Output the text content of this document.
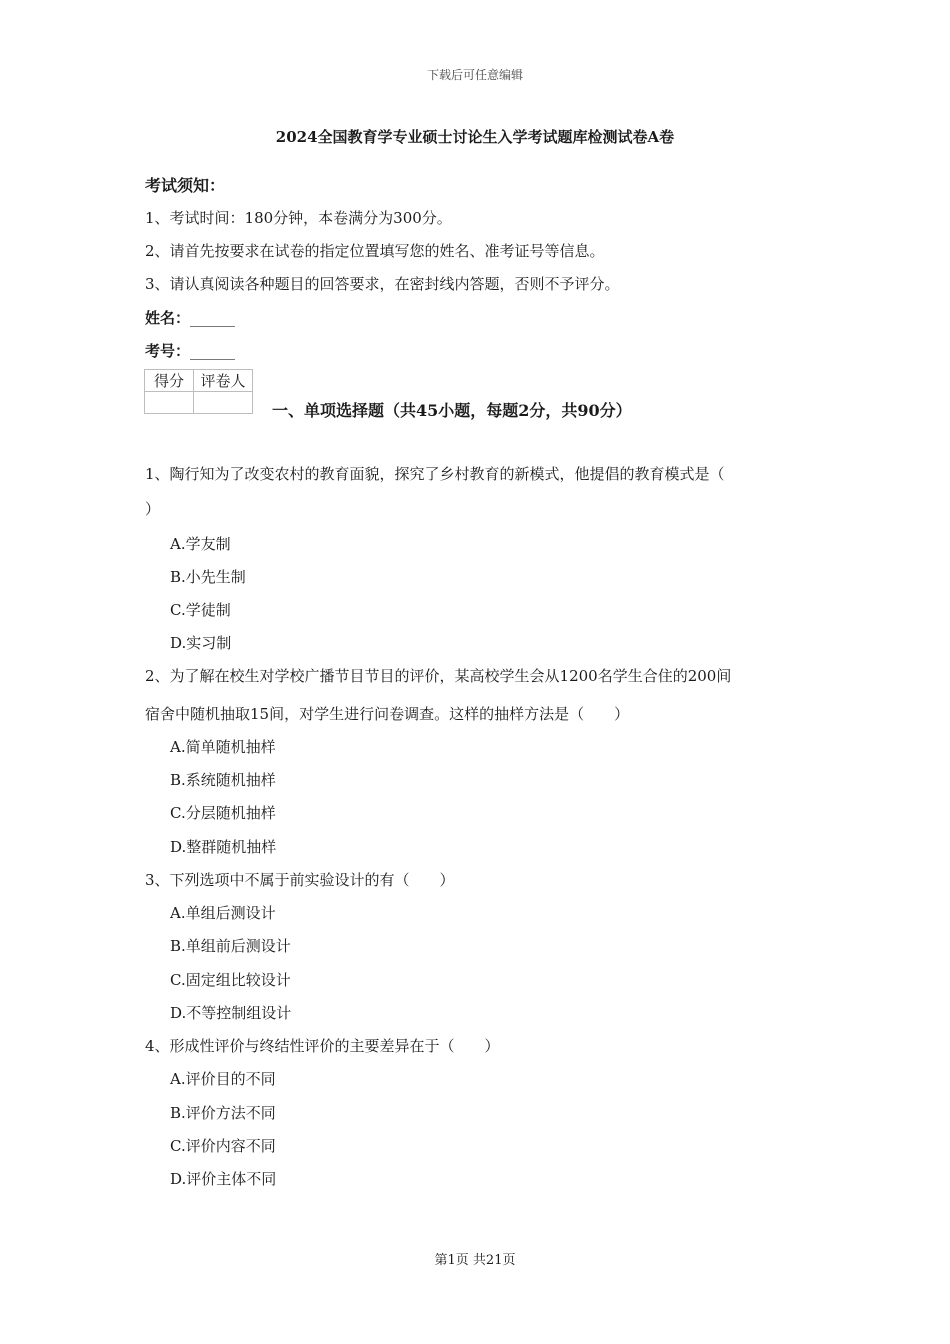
下载后可任意编辑
2024全国教育学专业硕士讨论生入学考试题库检测试卷A卷
考试须知：
1、考试时间：180分钟，本卷满分为300分。
2、请首先按要求在试卷的指定位置填写您的姓名、准考证号等信息。
3、请认真阅读各种题目的回答要求，在密封线内答题，否则不予评分。
姓名：______
考号：______
得分	评卷人

一、单项选择题（共45小题，每题2分，共90分）
1、陶行知为了改变农村的教育面貌，探究了乡村教育的新模式，他提倡的教育模式是（
）
A.学友制
B.小先生制
C.学徒制
D.实习制
2、为了解在校生对学校广播节目节目的评价，某高校学生会从1200名学生合住的200间
宿舍中随机抽取15间，对学生进行问卷调查。这样的抽样方法是（　　）
A.简单随机抽样
B.系统随机抽样
C.分层随机抽样
D.整群随机抽样
3、下列选项中不属于前实验设计的有（　　）
A.单组后测设计
B.单组前后测设计
C.固定组比较设计
D.不等控制组设计
4、形成性评价与终结性评价的主要差异在于（　　）
A.评价目的不同
B.评价方法不同
C.评价内容不同
D.评价主体不同
第1页 共21页
